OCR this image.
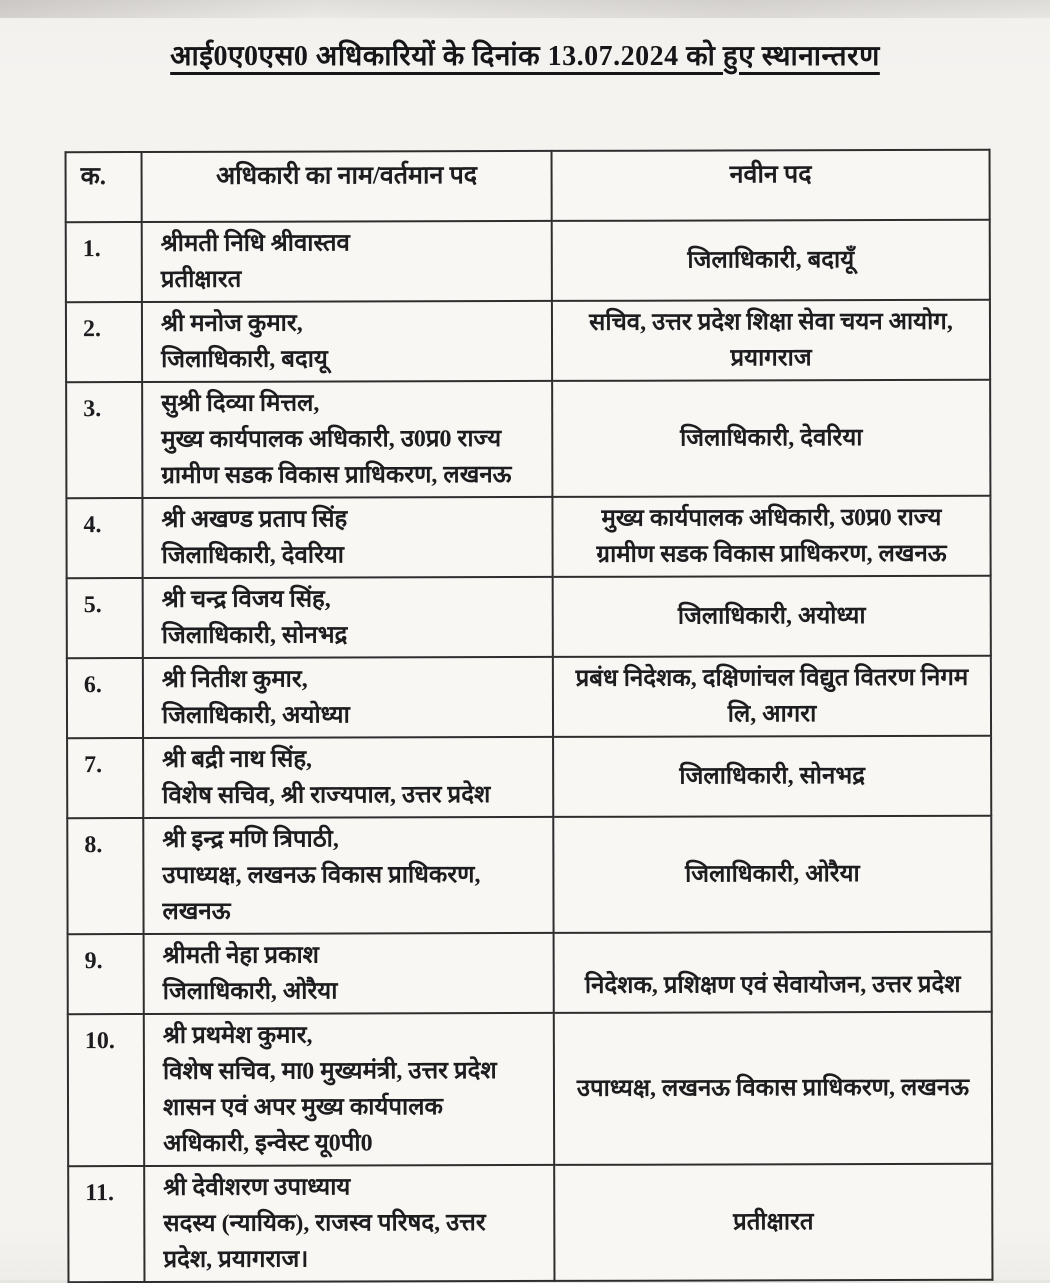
आई0ए0एस0 अधिकारियों के दिनांक 13.07.2024 को हुए स्थानान्तरण
क.	अधिकारी का नाम/वर्तमान पद	नवीन पद
1.	श्रीमती निधि श्रीवास्तव
प्रतीक्षारत	जिलाधिकारी, बदायूँ
2.	श्री मनोज कुमार,
जिलाधिकारी, बदायू	सचिव, उत्तर प्रदेश शिक्षा सेवा चयन आयोग,
प्रयागराज
3.	सुश्री दिव्या मित्तल,
मुख्य कार्यपालक अधिकारी, उ0प्र0 राज्य
ग्रामीण सडक विकास प्राधिकरण, लखनऊ	जिलाधिकारी, देवरिया
4.	श्री अखण्ड प्रताप सिंह
जिलाधिकारी, देवरिया	मुख्य कार्यपालक अधिकारी, उ0प्र0 राज्य
ग्रामीण सडक विकास प्राधिकरण, लखनऊ
5.	श्री चन्द्र विजय सिंह,
जिलाधिकारी, सोनभद्र	जिलाधिकारी, अयोध्या
6.	श्री नितीश कुमार,
जिलाधिकारी, अयोध्या	प्रबंध निदेशक, दक्षिणांचल विद्युत वितरण निगम
लि, आगरा
7.	श्री बद्री नाथ सिंह,
विशेष सचिव, श्री राज्यपाल, उत्तर प्रदेश	जिलाधिकारी, सोनभद्र
8.	श्री इन्द्र मणि त्रिपाठी,
उपाध्यक्ष, लखनऊ विकास प्राधिकरण,
लखनऊ	जिलाधिकारी, ओरैया
9.	श्रीमती नेहा प्रकाश
जिलाधिकारी, ओरैया	निदेशक, प्रशिक्षण एवं सेवायोजन, उत्तर प्रदेश
10.	श्री प्रथमेश कुमार,
विशेष सचिव, मा0 मुख्यमंत्री, उत्तर प्रदेश
शासन एवं अपर मुख्य कार्यपालक
अधिकारी, इन्वेस्ट यू0पी0	उपाध्यक्ष, लखनऊ विकास प्राधिकरण, लखनऊ
11.	श्री देवीशरण उपाध्याय
सदस्य (न्यायिक), राजस्व परिषद, उत्तर
प्रदेश, प्रयागराज।	प्रतीक्षारत
